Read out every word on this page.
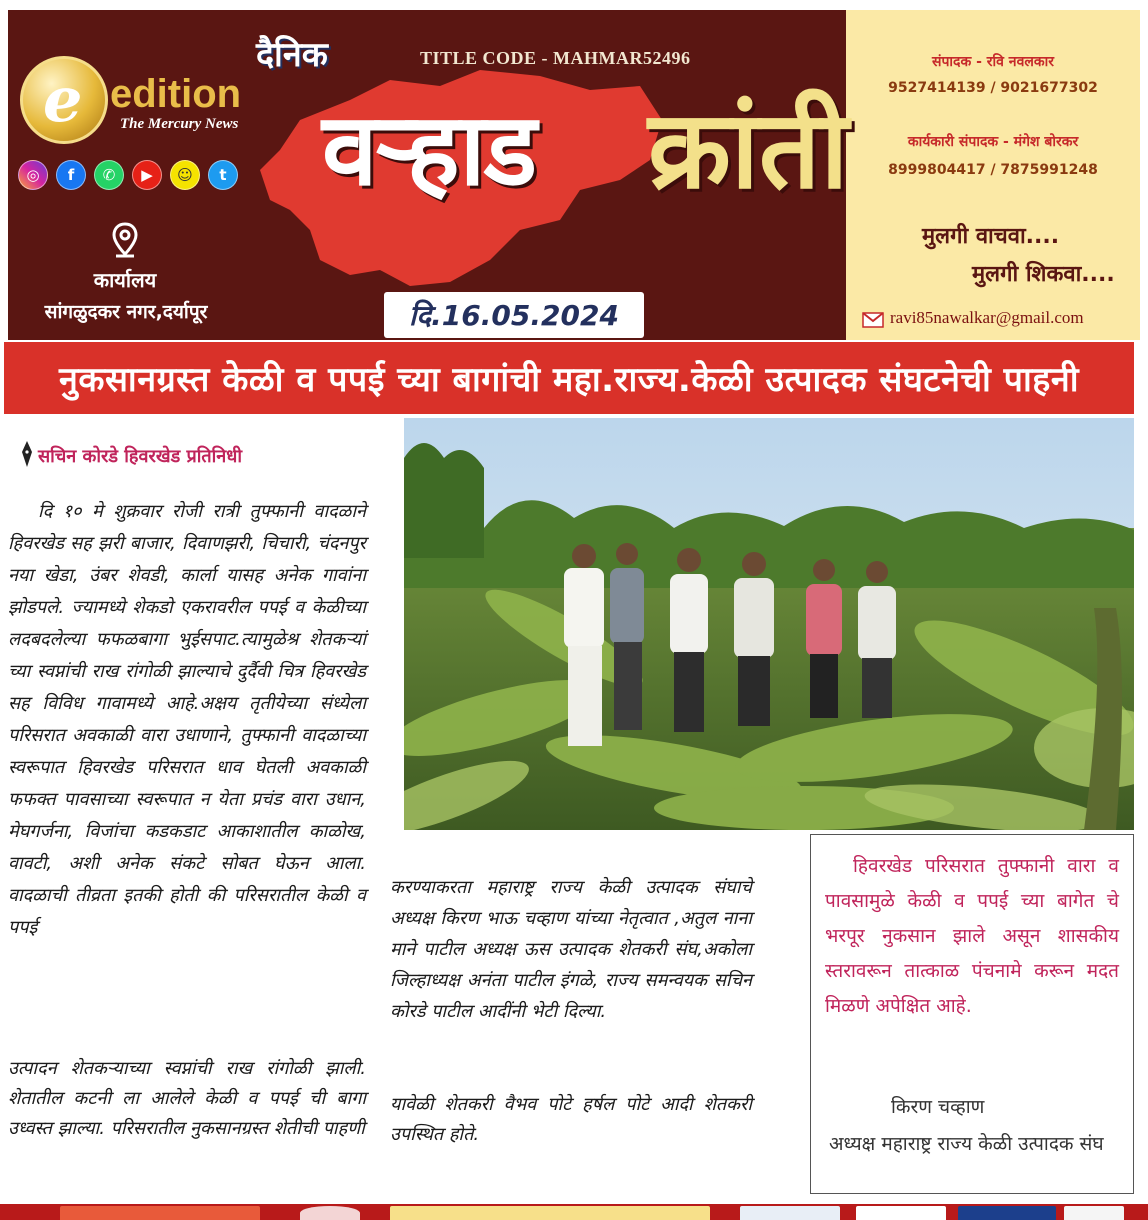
e edition
The Mercury News
◎	f	✆	▶	☺	t
कार्यालय
सांगळुदकर नगर,दर्यापूर
दैनिक	TITLE CODE - MAHMAR52496
वऱ्हाड क्रांती
दि.16.05.2024
संपादक - रवि नवलकार
9527414139 / 9021677302
कार्यकारी संपादक - मंगेश बोरकर
8999804417 / 7875991248
मुलगी वाचवा....
मुलगी शिकवा....
ravi85nawalkar@gmail.com
नुकसानग्रस्त केळी व पपई च्या बागांची महा.राज्य.केळी उत्पादक संघटनेची पाहनी
सचिन कोरडे हिवरखेड प्रतिनिधी
दि १० मे शुक्रवार रोजी रात्री तुफ्फानी वादळाने हिवरखेड सह झरी बाजार, दिवाणझरी, चिचारी, चंदनपुर नया खेडा, उंबर शेवडी, कार्ला यासह अनेक गावांना झोडपले. ज्यामध्ये शेकडो एकरावरील पपई व केळीच्या लदबदलेल्या फफळबागा भुईसपाट.त्यामुळेश्र शेतकऱ्यां च्या स्वप्नांची राख रांगोळी झाल्याचे दुर्दैवी चित्र हिवरखेड सह विविध गावामध्ये आहे.अक्षय तृतीयेच्या संध्येला परिसरात अवकाळी वारा उधाणाने, तुफ्फानी वादळाच्या स्वरूपात हिवरखेड परिसरात धाव घेतली अवकाळी फफक्त पावसाच्या स्वरूपात न येता प्रचंड वारा उधान, मेघगर्जना, विजांचा कडकडाट आकाशातील काळोख, वावटी, अशी अनेक संकटे सोबत घेऊन आला. वादळाची तीव्रता इतकी होती की परिसरातील केळी व पपई
उत्पादन शेतकऱ्याच्या स्वप्नांची राख रांगोळी झाली. शेतातील कटनी ला आलेले केळी व पपई ची बागा उध्वस्त झाल्या. परिसरातील नुकसानग्रस्त शेतीची पाहणी
करण्याकरता महाराष्ट्र राज्य केळी उत्पादक संघाचे अध्यक्ष किरण भाऊ चव्हाण यांच्या नेतृत्वात ,अतुल नाना माने पाटील अध्यक्ष ऊस उत्पादक शेतकरी संघ,अकोला जिल्हाध्यक्ष अनंता पाटील इंगळे, राज्य समन्वयक सचिन कोरडे पाटील आदींनी भेटी दिल्या.
यावेळी शेतकरी वैभव पोटे हर्षल पोटे आदी शेतकरी उपस्थित होते.
हिवरखेड परिसरात तुफ्फानी वारा व पावसामुळे केळी व पपई च्या बागेत चे भरपूर नुकसान झाले असून शासकीय स्तरावरून तात्काळ पंचनामे करून मदत मिळणे अपेक्षित आहे.
किरण चव्हाण
अध्यक्ष महाराष्ट्र राज्य केळी उत्पादक संघ
